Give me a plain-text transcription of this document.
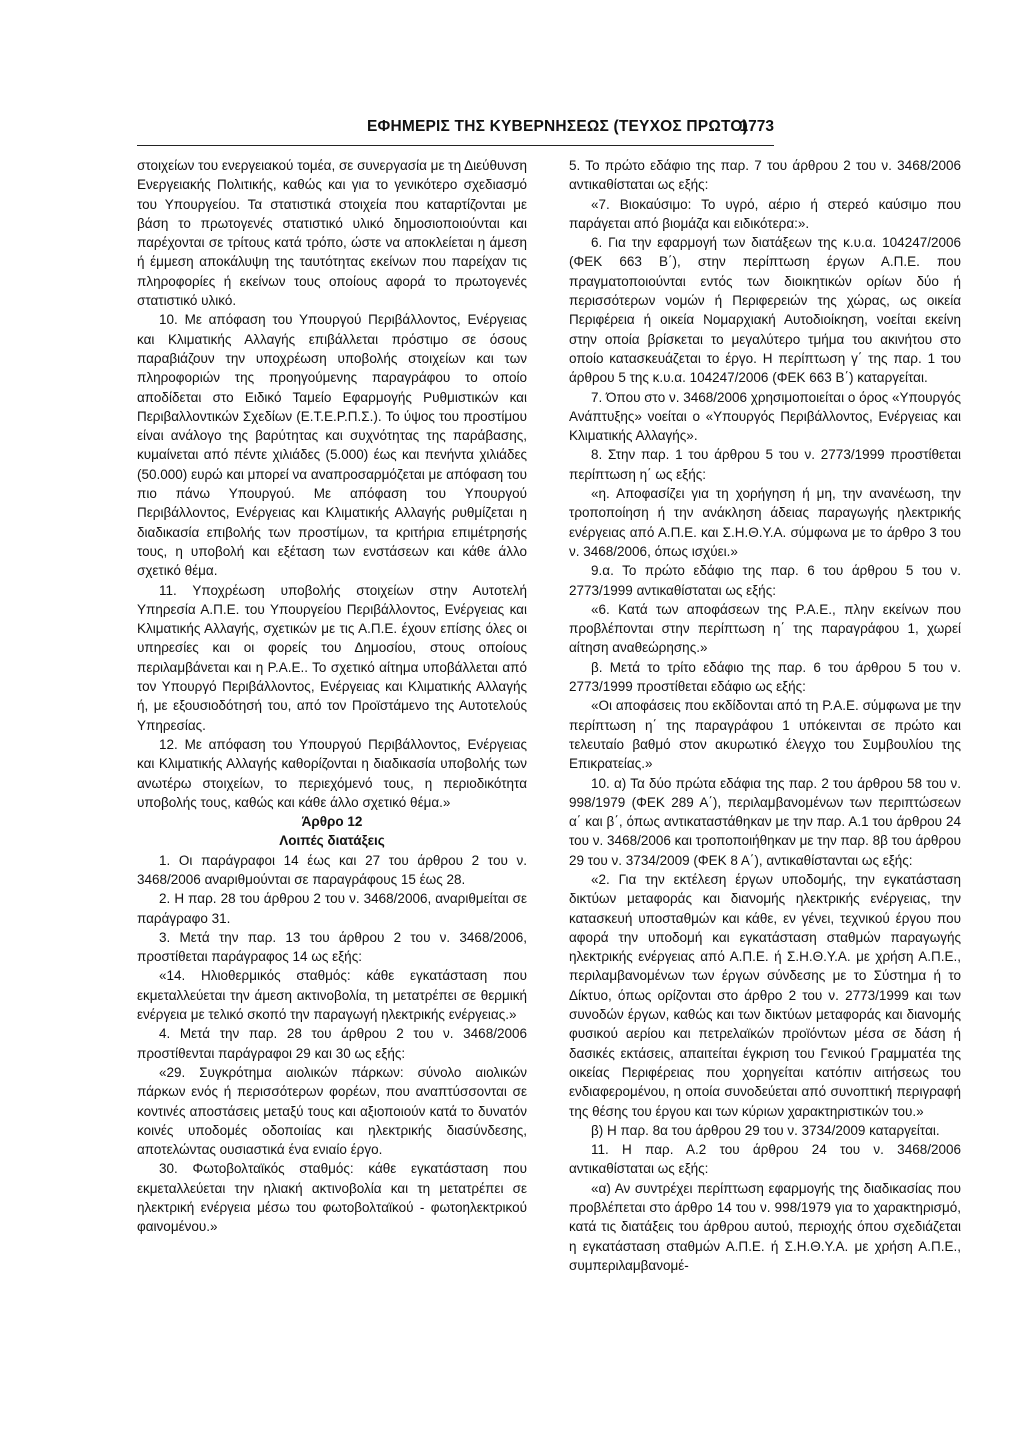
ΕΦΗΜΕΡΙΣ ΤΗΣ ΚΥΒΕΡΝΗΣΕΩΣ (ΤΕΥΧΟΣ ΠΡΩΤΟ)
1773

στοιχείων του ενεργειακού τομέα, σε συνεργασία με τη Διεύθυνση Ενεργειακής Πολιτικής, καθώς και για το γενικότερο σχεδιασμό του Υπουργείου. Τα στατιστικά στοιχεία που καταρτίζονται με βάση το πρωτογενές στατιστικό υλικό δημοσιοποιούνται και παρέχονται σε τρίτους κατά τρόπο, ώστε να αποκλείεται η άμεση ή έμμεση αποκάλυψη της ταυτότητας εκείνων που παρείχαν τις πληροφορίες ή εκείνων τους οποίους αφορά το πρωτογενές στατιστικό υλικό.

10. Με απόφαση του Υπουργού Περιβάλλοντος, Ενέργειας και Κλιματικής Αλλαγής επιβάλλεται πρόστιμο σε όσους παραβιάζουν την υποχρέωση υποβολής στοιχείων και των πληροφοριών της προηγούμενης παραγράφου το οποίο αποδίδεται στο Ειδικό Ταμείο Εφαρμογής Ρυθμιστικών και Περιβαλλοντικών Σχεδίων (Ε.Τ.Ε.Ρ.Π.Σ.). Το ύψος του προστίμου είναι ανάλογο της βαρύτητας και συχνότητας της παράβασης, κυμαίνεται από πέντε χιλιάδες (5.000) έως και πενήντα χιλιάδες (50.000) ευρώ και μπορεί να αναπροσαρμόζεται με απόφαση του πιο πάνω Υπουργού. Με απόφαση του Υπουργού Περιβάλλοντος, Ενέργειας και Κλιματικής Αλλαγής ρυθμίζεται η διαδικασία επιβολής των προστίμων, τα κριτήρια επιμέτρησής τους, η υποβολή και εξέταση των ενστάσεων και κάθε άλλο σχετικό θέμα.

11. Υποχρέωση υποβολής στοιχείων στην Αυτοτελή Υπηρεσία Α.Π.Ε. του Υπουργείου Περιβάλλοντος, Ενέργειας και Κλιματικής Αλλαγής, σχετικών με τις Α.Π.Ε. έχουν επίσης όλες οι υπηρεσίες και οι φορείς του Δημοσίου, στους οποίους περιλαμβάνεται και η Ρ.Α.Ε.. Το σχετικό αίτημα υποβάλλεται από τον Υπουργό Περιβάλλοντος, Ενέργειας και Κλιματικής Αλλαγής ή, με εξουσιοδότησή του, από τον Προϊστάμενο της Αυτοτελούς Υπηρεσίας.

12. Με απόφαση του Υπουργού Περιβάλλοντος, Ενέργειας και Κλιματικής Αλλαγής καθορίζονται η διαδικασία υποβολής των ανωτέρω στοιχείων, το περιεχόμενό τους, η περιοδικότητα υποβολής τους, καθώς και κάθε άλλο σχετικό θέμα.»

Άρθρο 12

Λοιπές διατάξεις

1. Οι παράγραφοι 14 έως και 27 του άρθρου 2 του ν. 3468/2006 αναριθμούνται σε παραγράφους 15 έως 28.

2. Η παρ. 28 του άρθρου 2 του ν. 3468/2006, αναριθμείται σε παράγραφο 31.

3. Μετά την παρ. 13 του άρθρου 2 του ν. 3468/2006, προστίθεται παράγραφος 14 ως εξής:

«14. Ηλιοθερμικός σταθμός: κάθε εγκατάσταση που εκμεταλλεύεται την άμεση ακτινοβολία, τη μετατρέπει σε θερμική ενέργεια με τελικό σκοπό την παραγωγή ηλεκτρικής ενέργειας.»

4. Μετά την παρ. 28 του άρθρου 2 του ν. 3468/2006 προστίθενται παράγραφοι 29 και 30 ως εξής:

«29. Συγκρότημα αιολικών πάρκων: σύνολο αιολικών πάρκων ενός ή περισσότερων φορέων, που αναπτύσσονται σε κοντινές αποστάσεις μεταξύ τους και αξιοποιούν κατά το δυνατόν κοινές υποδομές οδοποιίας και ηλεκτρικής διασύνδεσης, αποτελώντας ουσιαστικά ένα ενιαίο έργο.

30. Φωτοβολταϊκός σταθμός: κάθε εγκατάσταση που εκμεταλλεύεται την ηλιακή ακτινοβολία και τη μετατρέπει σε ηλεκτρική ενέργεια μέσω του φωτοβολταϊκού - φωτοηλεκτρικού φαινομένου.»

5. Το πρώτο εδάφιο της παρ. 7 του άρθρου 2 του ν. 3468/2006 αντικαθίσταται ως εξής:

«7. Βιοκαύσιμο: Το υγρό, αέριο ή στερεό καύσιμο που παράγεται από βιομάζα και ειδικότερα:».

6. Για την εφαρμογή των διατάξεων της κ.υ.α. 104247/2006 (ΦΕΚ 663 Β΄), στην περίπτωση έργων Α.Π.Ε. που πραγματοποιούνται εντός των διοικητικών ορίων δύο ή περισσότερων νομών ή Περιφερειών της χώρας, ως οικεία Περιφέρεια ή οικεία Νομαρχιακή Αυτοδιοίκηση, νοείται εκείνη στην οποία βρίσκεται το μεγαλύτερο τμήμα του ακινήτου στο οποίο κατασκευάζεται το έργο. Η περίπτωση γ΄ της παρ. 1 του άρθρου 5 της κ.υ.α. 104247/2006 (ΦΕΚ 663 Β΄) καταργείται.

7. Όπου στο ν. 3468/2006 χρησιμοποιείται ο όρος «Υπουργός Ανάπτυξης» νοείται ο «Υπουργός Περιβάλλοντος, Ενέργειας και Κλιματικής Αλλαγής».

8. Στην παρ. 1 του άρθρου 5 του ν. 2773/1999 προστίθεται περίπτωση η΄ ως εξής:

«η. Αποφασίζει για τη χορήγηση ή μη, την ανανέωση, την τροποποίηση ή την ανάκληση άδειας παραγωγής ηλεκτρικής ενέργειας από Α.Π.Ε. και Σ.Η.Θ.Υ.Α. σύμφωνα με το άρθρο 3 του ν. 3468/2006, όπως ισχύει.»

9.α. Το πρώτο εδάφιο της παρ. 6 του άρθρου 5 του ν. 2773/1999 αντικαθίσταται ως εξής:

«6. Κατά των αποφάσεων της Ρ.Α.Ε., πλην εκείνων που προβλέπονται στην περίπτωση η΄ της παραγράφου 1, χωρεί αίτηση αναθεώρησης.»

β. Μετά το τρίτο εδάφιο της παρ. 6 του άρθρου 5 του ν. 2773/1999 προστίθεται εδάφιο ως εξής:

«Οι αποφάσεις που εκδίδονται από τη Ρ.Α.Ε. σύμφωνα με την περίπτωση η΄ της παραγράφου 1 υπόκεινται σε πρώτο και τελευταίο βαθμό στον ακυρωτικό έλεγχο του Συμβουλίου της Επικρατείας.»

10. α) Τα δύο πρώτα εδάφια της παρ. 2 του άρθρου 58 του ν. 998/1979 (ΦΕΚ 289 Α΄), περιλαμβανομένων των περιπτώσεων α΄ και β΄, όπως αντικαταστάθηκαν με την παρ. Α.1 του άρθρου 24 του ν. 3468/2006 και τροποποιήθηκαν με την παρ. 8β του άρθρου 29 του ν. 3734/2009 (ΦΕΚ 8 Α΄), αντικαθίστανται ως εξής:

«2. Για την εκτέλεση έργων υποδομής, την εγκατάσταση δικτύων μεταφοράς και διανομής ηλεκτρικής ενέργειας, την κατασκευή υποσταθμών και κάθε, εν γένει, τεχνικού έργου που αφορά την υποδομή και εγκατάσταση σταθμών παραγωγής ηλεκτρικής ενέργειας από Α.Π.Ε. ή Σ.Η.Θ.Υ.Α. με χρήση Α.Π.Ε., περιλαμβανομένων των έργων σύνδεσης με το Σύστημα ή το Δίκτυο, όπως ορίζονται στο άρθρο 2 του ν. 2773/1999 και των συνοδών έργων, καθώς και των δικτύων μεταφοράς και διανομής φυσικού αερίου και πετρελαϊκών προϊόντων μέσα σε δάση ή δασικές εκτάσεις, απαιτείται έγκριση του Γενικού Γραμματέα της οικείας Περιφέρειας που χορηγείται κατόπιν αιτήσεως του ενδιαφερομένου, η οποία συνοδεύεται από συνοπτική περιγραφή της θέσης του έργου και των κύριων χαρακτηριστικών του.»

β) Η παρ. 8α του άρθρου 29 του ν. 3734/2009 καταργείται.

11. Η παρ. Α.2 του άρθρου 24 του ν. 3468/2006 αντικαθίσταται ως εξής:

«α) Αν συντρέχει περίπτωση εφαρμογής της διαδικασίας που προβλέπεται στο άρθρο 14 του ν. 998/1979 για το χαρακτηρισμό, κατά τις διατάξεις του άρθρου αυτού, περιοχής όπου σχεδιάζεται η εγκατάσταση σταθμών Α.Π.Ε. ή Σ.Η.Θ.Υ.Α. με χρήση Α.Π.Ε., συμπεριλαμβανομέ-
